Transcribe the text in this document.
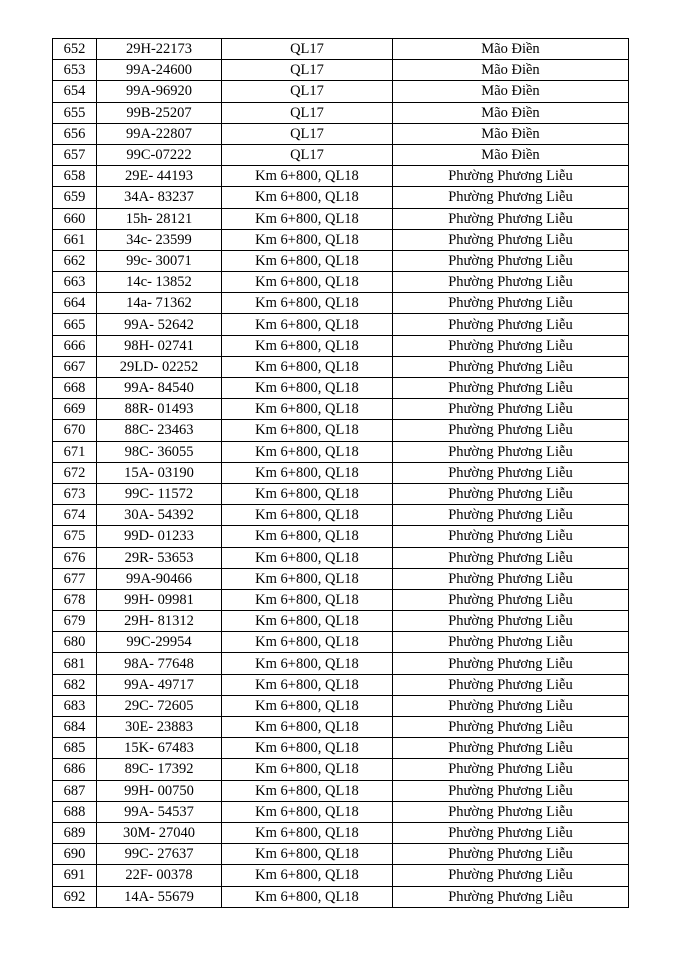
652	29H-22173	QL17	Mão Điền
653	99A-24600	QL17	Mão Điền
654	99A-96920	QL17	Mão Điền
655	99B-25207	QL17	Mão Điền
656	99A-22807	QL17	Mão Điền
657	99C-07222	QL17	Mão Điền
658	29E- 44193	Km 6+800, QL18	Phường Phương Liễu
659	34A- 83237	Km 6+800, QL18	Phường Phương Liễu
660	15h- 28121	Km 6+800, QL18	Phường Phương Liễu
661	34c- 23599	Km 6+800, QL18	Phường Phương Liễu
662	99c- 30071	Km 6+800, QL18	Phường Phương Liễu
663	14c- 13852	Km 6+800, QL18	Phường Phương Liễu
664	14a- 71362	Km 6+800, QL18	Phường Phương Liễu
665	99A- 52642	Km 6+800, QL18	Phường Phương Liễu
666	98H- 02741	Km 6+800, QL18	Phường Phương Liễu
667	29LD- 02252	Km 6+800, QL18	Phường Phương Liễu
668	99A- 84540	Km 6+800, QL18	Phường Phương Liễu
669	88R- 01493	Km 6+800, QL18	Phường Phương Liễu
670	88C- 23463	Km 6+800, QL18	Phường Phương Liễu
671	98C- 36055	Km 6+800, QL18	Phường Phương Liễu
672	15A- 03190	Km 6+800, QL18	Phường Phương Liễu
673	99C- 11572	Km 6+800, QL18	Phường Phương Liễu
674	30A- 54392	Km 6+800, QL18	Phường Phương Liễu
675	99D- 01233	Km 6+800, QL18	Phường Phương Liễu
676	29R- 53653	Km 6+800, QL18	Phường Phương Liễu
677	99A-90466	Km 6+800, QL18	Phường Phương Liễu
678	99H- 09981	Km 6+800, QL18	Phường Phương Liễu
679	29H- 81312	Km 6+800, QL18	Phường Phương Liễu
680	99C-29954	Km 6+800, QL18	Phường Phương Liễu
681	98A- 77648	Km 6+800, QL18	Phường Phương Liễu
682	99A- 49717	Km 6+800, QL18	Phường Phương Liễu
683	29C- 72605	Km 6+800, QL18	Phường Phương Liễu
684	30E- 23883	Km 6+800, QL18	Phường Phương Liễu
685	15K- 67483	Km 6+800, QL18	Phường Phương Liễu
686	89C- 17392	Km 6+800, QL18	Phường Phương Liễu
687	99H- 00750	Km 6+800, QL18	Phường Phương Liễu
688	99A- 54537	Km 6+800, QL18	Phường Phương Liễu
689	30M- 27040	Km 6+800, QL18	Phường Phương Liễu
690	99C- 27637	Km 6+800, QL18	Phường Phương Liễu
691	22F- 00378	Km 6+800, QL18	Phường Phương Liễu
692	14A- 55679	Km 6+800, QL18	Phường Phương Liễu
